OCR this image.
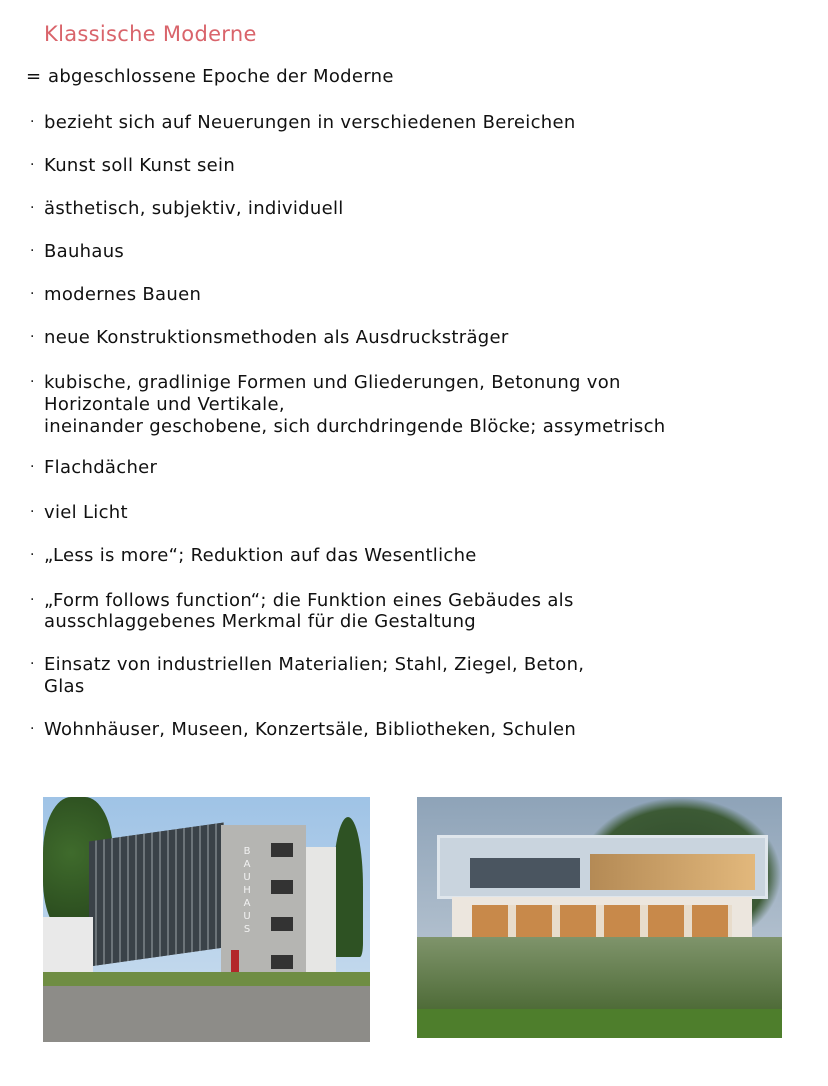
Klassische Moderne
= abgeschlossene Epoche der Moderne
· bezieht sich auf Neuerungen in verschiedenen Bereichen
· Kunst soll Kunst sein
· ästhetisch, subjektiv, individuell
· Bauhaus
· modernes Bauen
· neue Konstruktionsmethoden als Ausdrucksträger
· kubische, gradlinige Formen und Gliederungen, Betonung von
Horizontale und Vertikale,
ineinander geschobene, sich durchdringende Blöcke; assymetrisch
· Flachdächer
· viel Licht
· „Less is more“; Reduktion auf das Wesentliche
· „Form follows function“; die Funktion eines Gebäudes als
ausschlaggebenes Merkmal für die Gestaltung
· Einsatz von industriellen Materialien; Stahl, Ziegel, Beton,
Glas
· Wohnhäuser, Museen, Konzertsäle, Bibliotheken, Schulen
BAUHAUS
